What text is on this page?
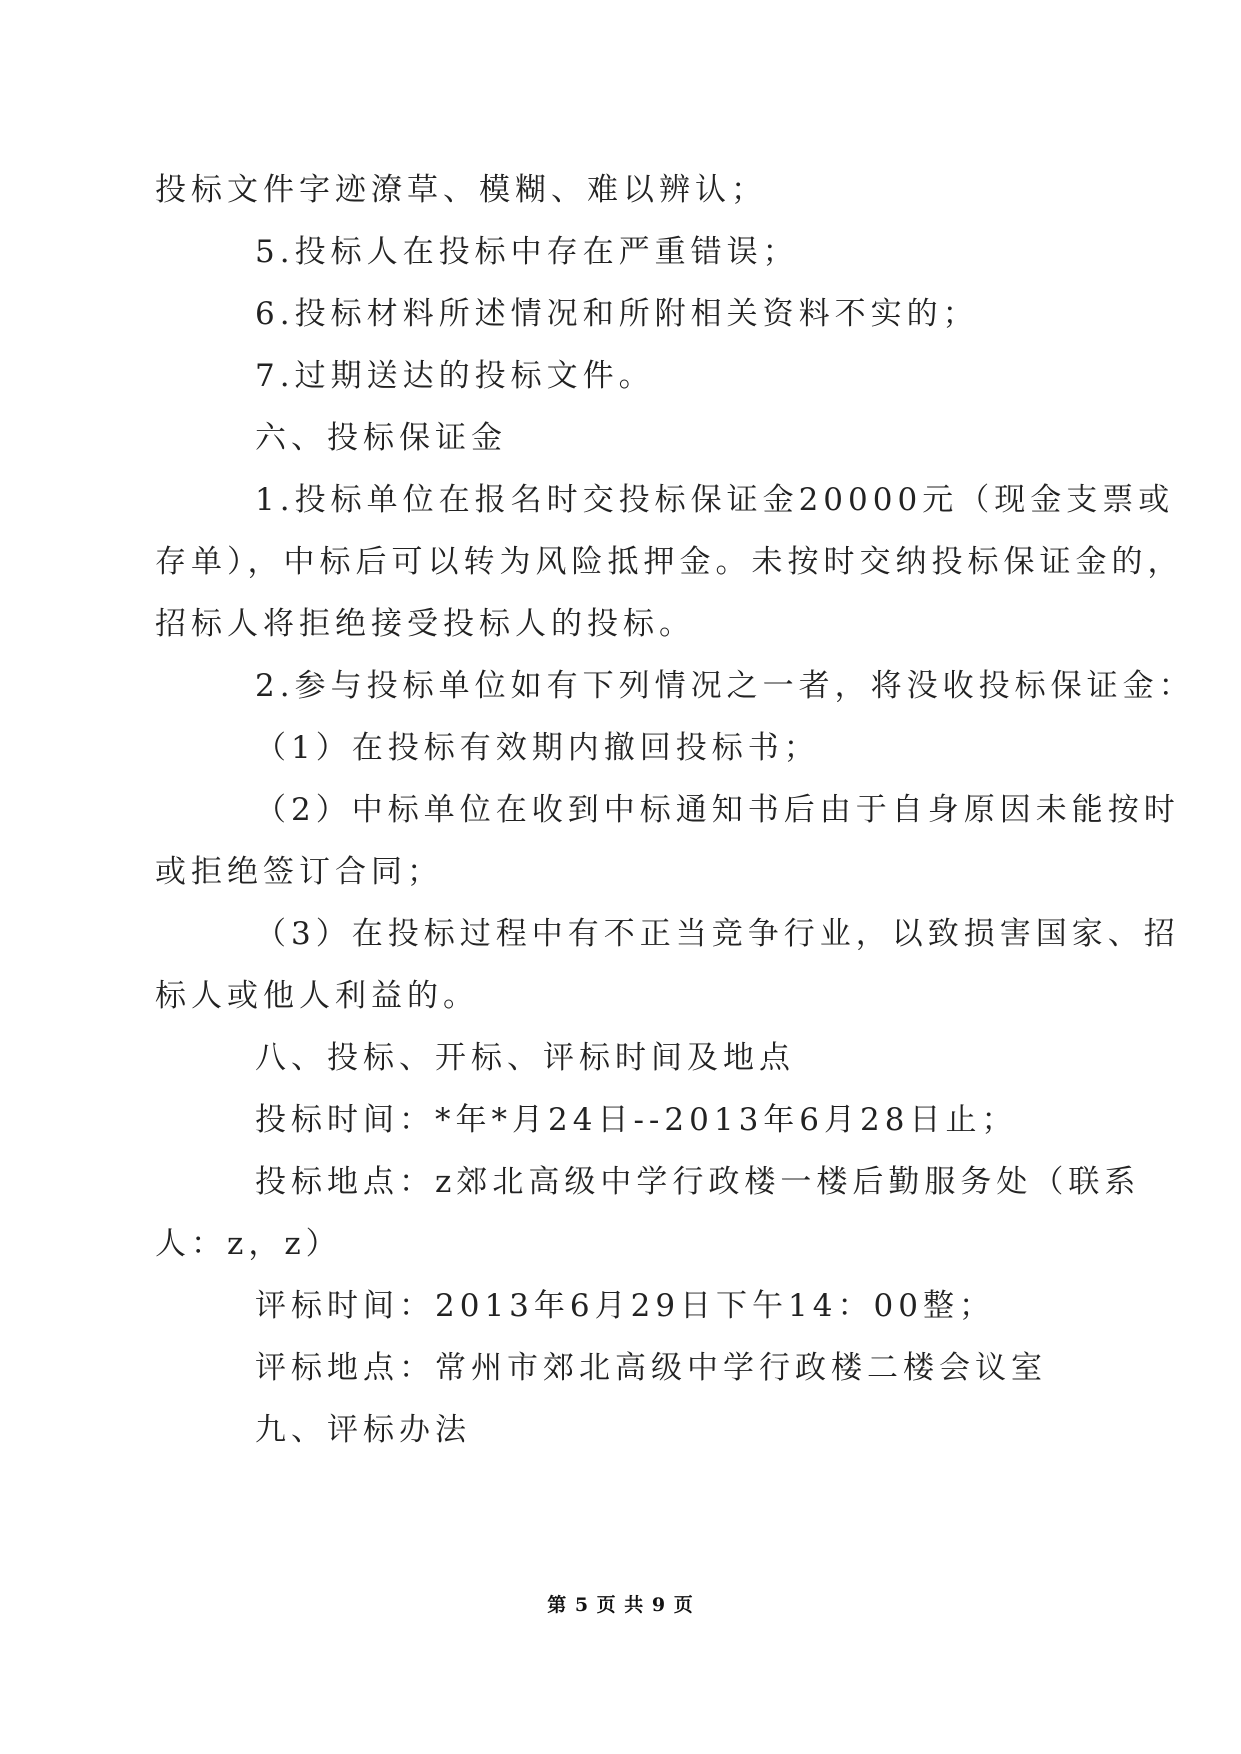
投标文件字迹潦草、模糊、难以辨认；
5.投标人在投标中存在严重错误；
6.投标材料所述情况和所附相关资料不实的；
7.过期送达的投标文件。
六、投标保证金
1.投标单位在报名时交投标保证金20000元（现金支票或
存单），中标后可以转为风险抵押金。未按时交纳投标保证金的，
招标人将拒绝接受投标人的投标。
2.参与投标单位如有下列情况之一者，将没收投标保证金：
（1）在投标有效期内撤回投标书；
（2）中标单位在收到中标通知书后由于自身原因未能按时
或拒绝签订合同；
（3）在投标过程中有不正当竞争行业，以致损害国家、招
标人或他人利益的。
八、投标、开标、评标时间及地点
投标时间：*年*月24日--2013年6月28日止；
投标地点：z郊北高级中学行政楼一楼后勤服务处（联系
人：z，z）
评标时间：2013年6月29日下午14：00整；
评标地点：常州市郊北高级中学行政楼二楼会议室
九、评标办法
第 5 页 共 9 页
